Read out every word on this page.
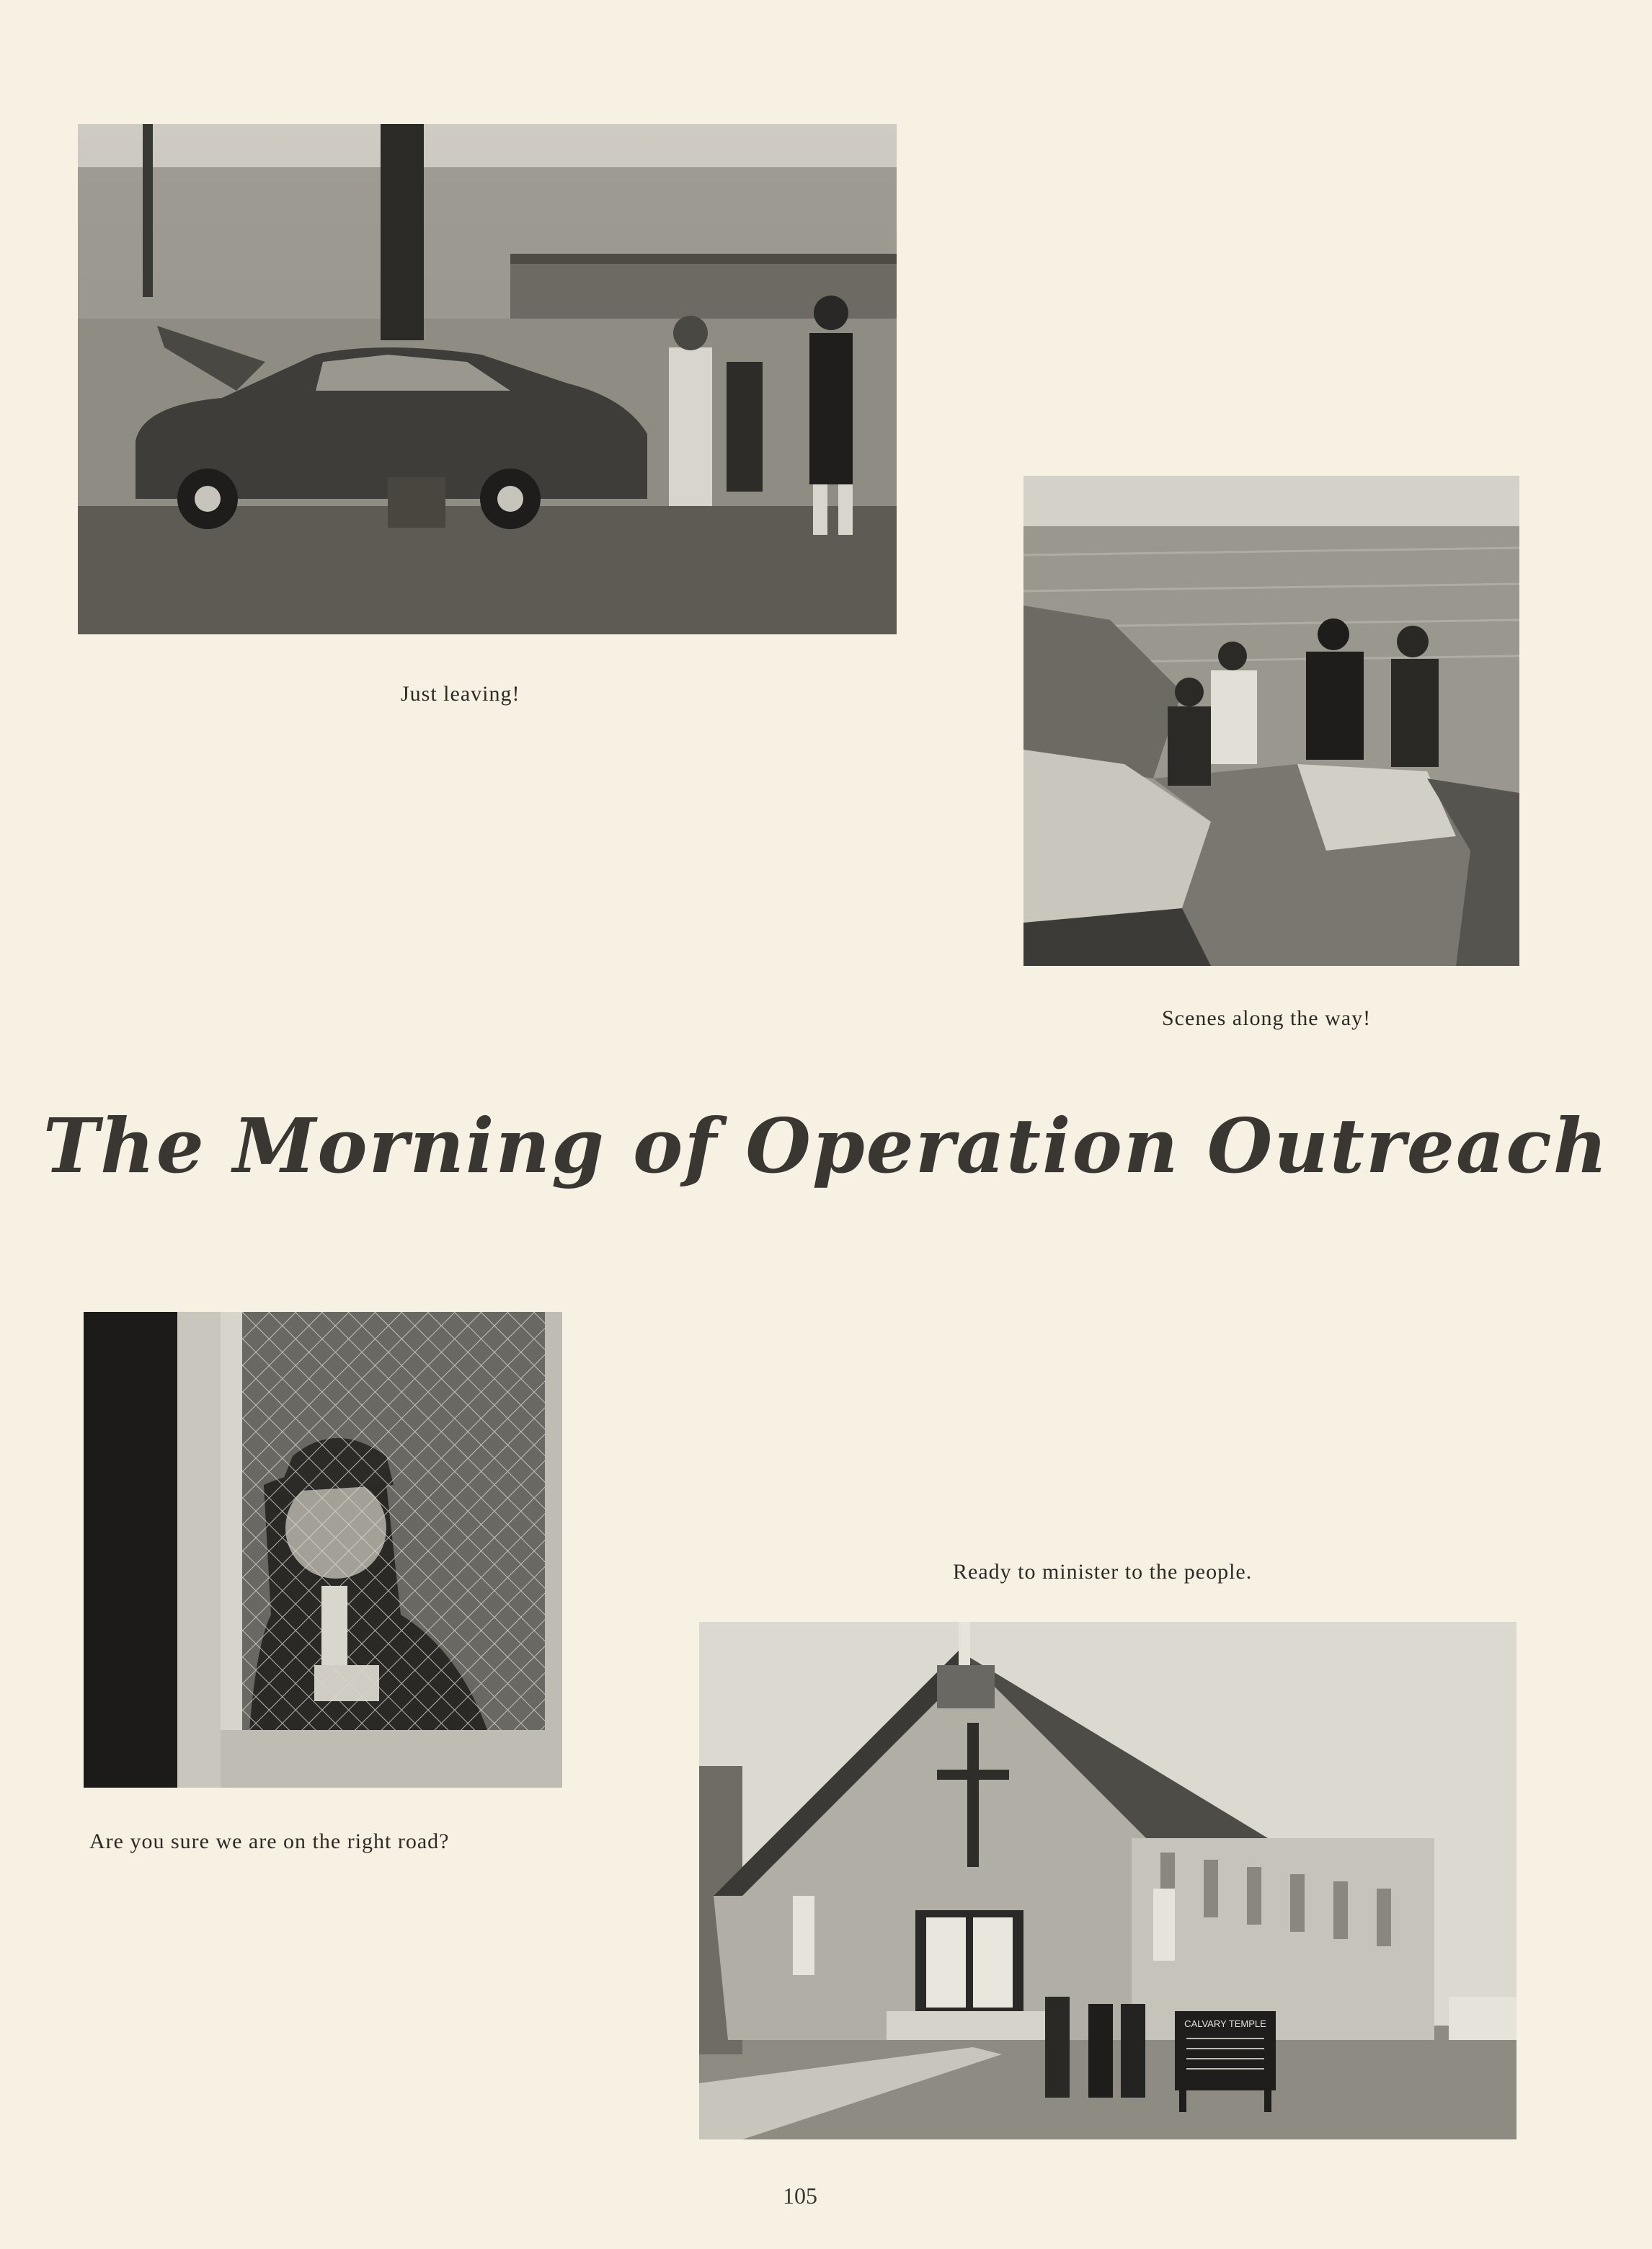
Just leaving!
Scenes along the way!
The Morning of Operation Outreach
Are you sure we are on the right road?
Ready to minister to the people.
CALVARY TEMPLE
105
